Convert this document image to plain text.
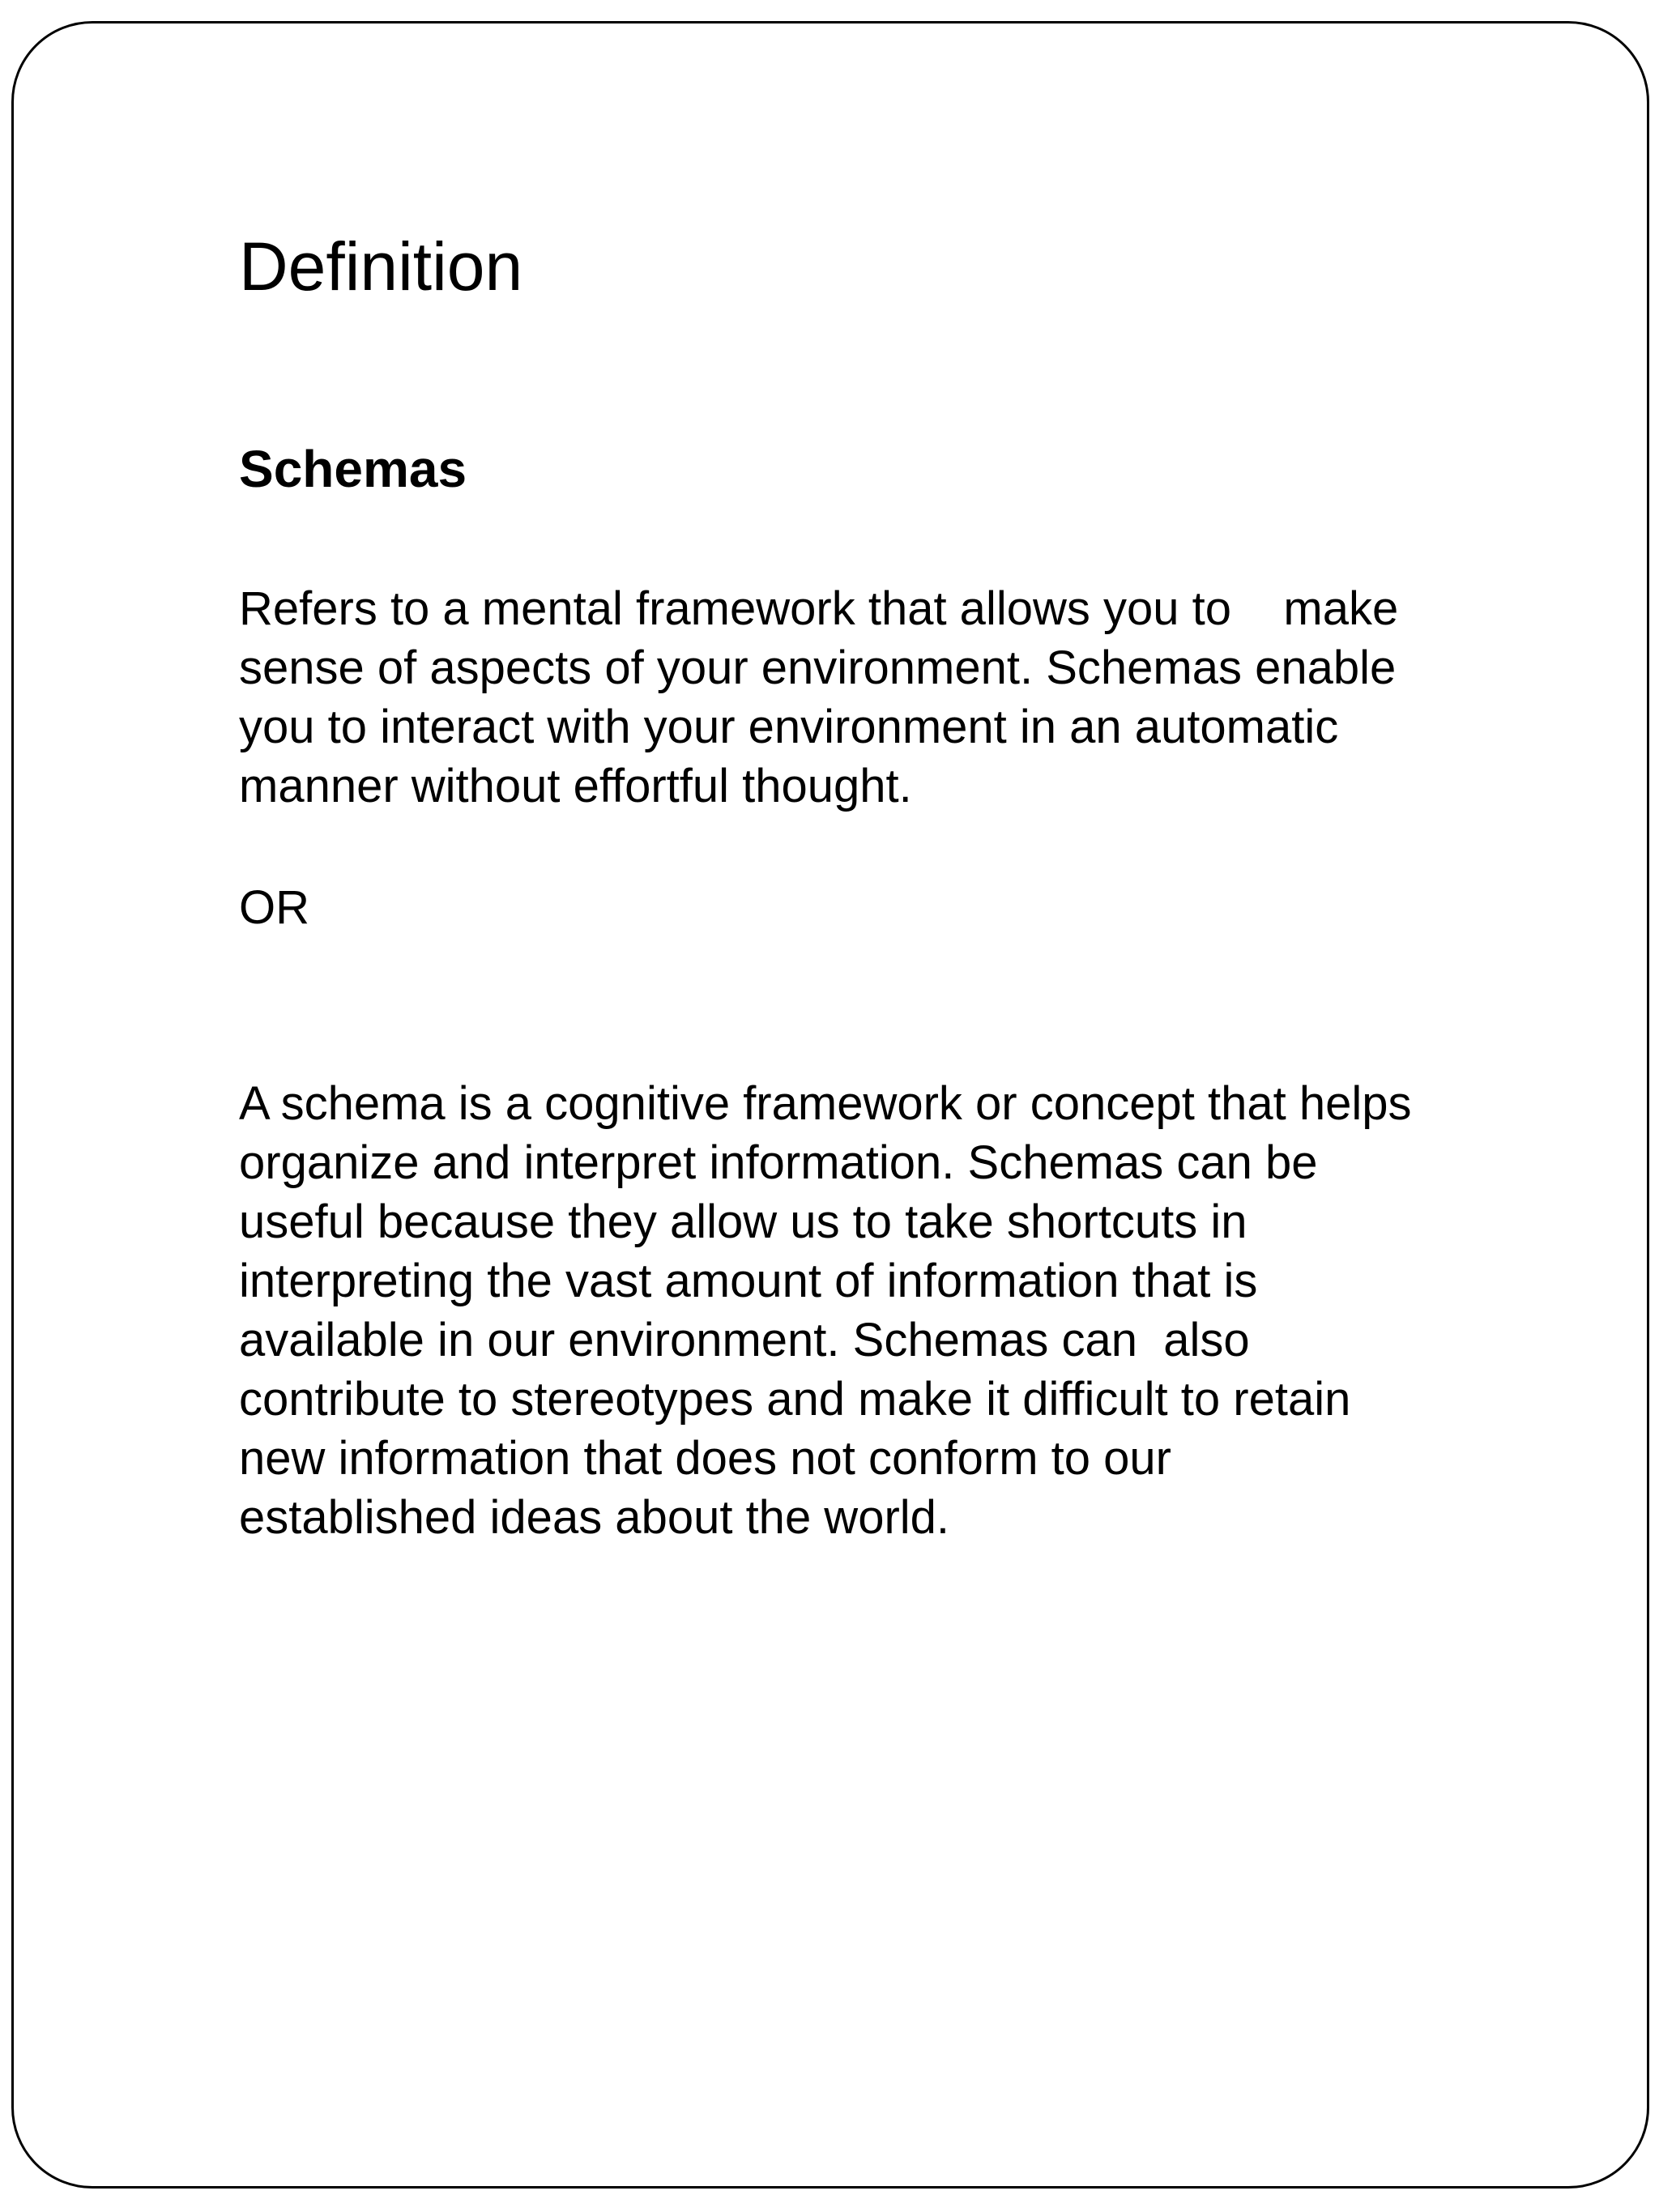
Definition
Schemas

Refers to a mental framework that allows you to    make
sense of aspects of your environment. Schemas enable
you to interact with your environment in an automatic
manner without effortful thought.

OR

A schema is a cognitive framework or concept that helps
organize and interpret information. Schemas can be
useful because they allow us to take shortcuts in
interpreting the vast amount of information that is
available in our environment. Schemas can  also
contribute to stereotypes and make it difficult to retain
new information that does not conform to our
established ideas about the world.
